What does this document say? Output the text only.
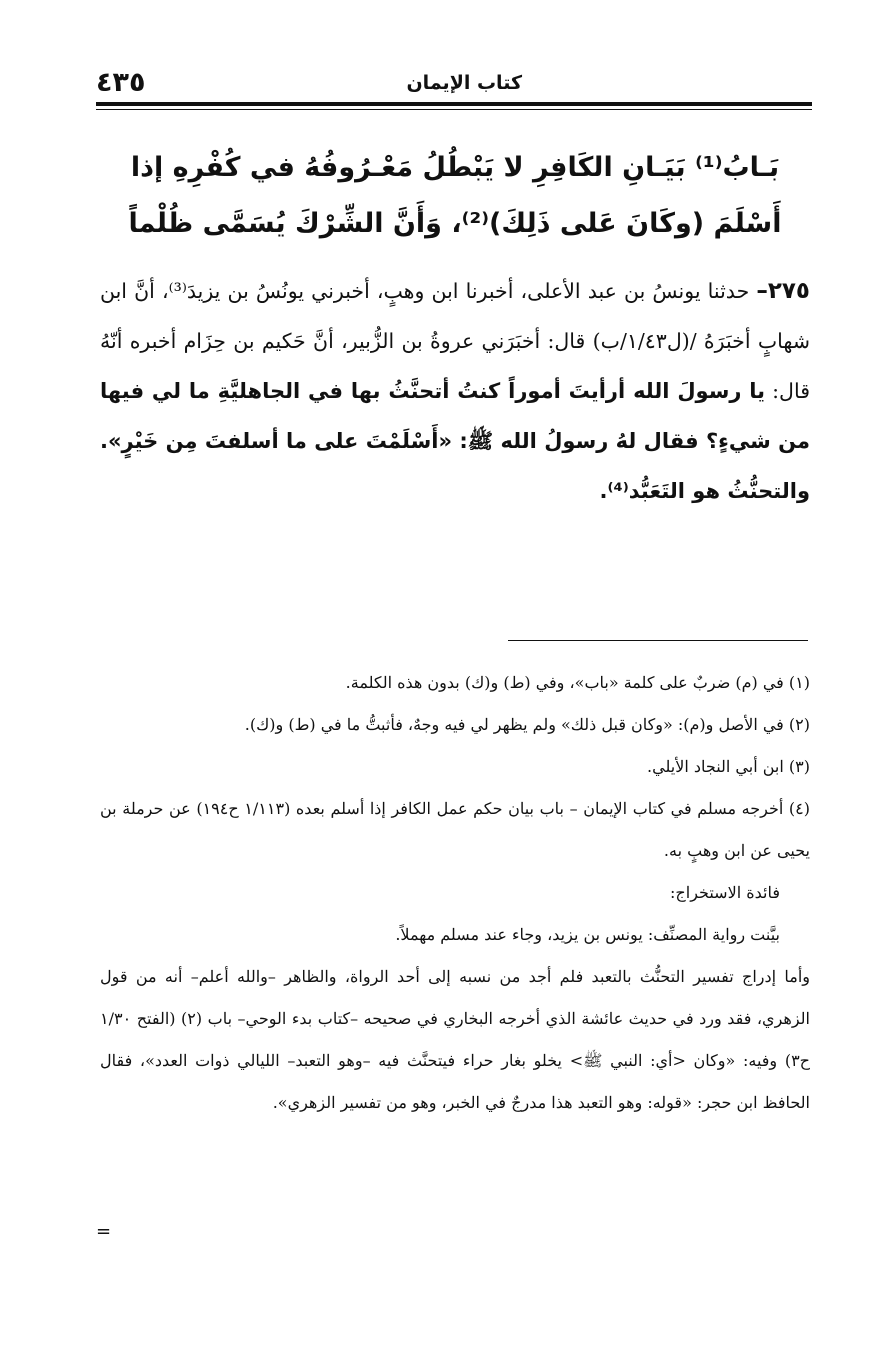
٤٣٥	كتاب الإيمان
بَـابُ⁽¹⁾ بَيَـانِ الكَافِرِ لا يَبْطُلُ مَعْـرُوفُهُ في كُفْرِهِ إذا أَسْلَمَ (وكَانَ عَلى ذَلِكَ)⁽²⁾، وَأَنَّ الشِّرْكَ يُسَمَّى ظُلْماً

٢٧٥– حدثنا يونسُ بن عبد الأعلى، أخبرنا ابن وهبٍ، أخبرني يونُسُ بن يزيدَ⁽³⁾، أنَّ ابن شهابٍ أخبَرَهُ /(ل١/٤٣/ب) قال: أخبَرَني عروةُ بن الزُّبير، أنَّ حَكيم بن حِزَام أخبره أنّهُ قال: يا رسولَ الله أرأيتَ أموراً كنتُ أتحنَّثُ بها في الجاهليَّةِ ما لي فيها من شيءٍ؟ فقال لهُ رسولُ الله ﷺ: «أَسْلَمْتَ على ما أسلفتَ مِن خَيْرٍ». والتحنُّثُ هو التَعَبُّد⁽⁴⁾.

(١) في (م) ضربٌ على كلمة «باب»، وفي (ط) و(ك) بدون هذه الكلمة.

(٢) في الأصل و(م): «وكان قبل ذلك» ولم يظهر لي فيه وجهٌ، فأثبتُّ ما في (ط) و(ك).

(٣) ابن أبي النجاد الأيلي.

(٤) أخرجه مسلم في كتاب الإيمان – باب بيان حكم عمل الكافر إذا أسلم بعده (١/١١٣ ح١٩٤) عن حرملة بن يحيى عن ابن وهبٍ به.

فائدة الاستخراج:

بيَّنت رواية المصنِّف: يونس بن يزيد، وجاء عند مسلم مهملاً.

وأما إدراج تفسير التحنُّث بالتعبد فلم أجد من نسبه إلى أحد الرواة، والظاهر –والله أعلم– أنه من قول الزهري، فقد ورد في حديث عائشة الذي أخرجه البخاري في صحيحه –كتاب بدء الوحي– باب (٢) (الفتح ١/٣٠ ح٣) وفيه: «وكان <أي: النبي ﷺ> يخلو بغار حراء فيتحنَّث فيه –وهو التعبد– الليالي ذوات العدد»، فقال الحافظ ابن حجر: «قوله: وهو التعبد هذا مدرجٌ في الخبر، وهو من تفسير الزهري».

=
